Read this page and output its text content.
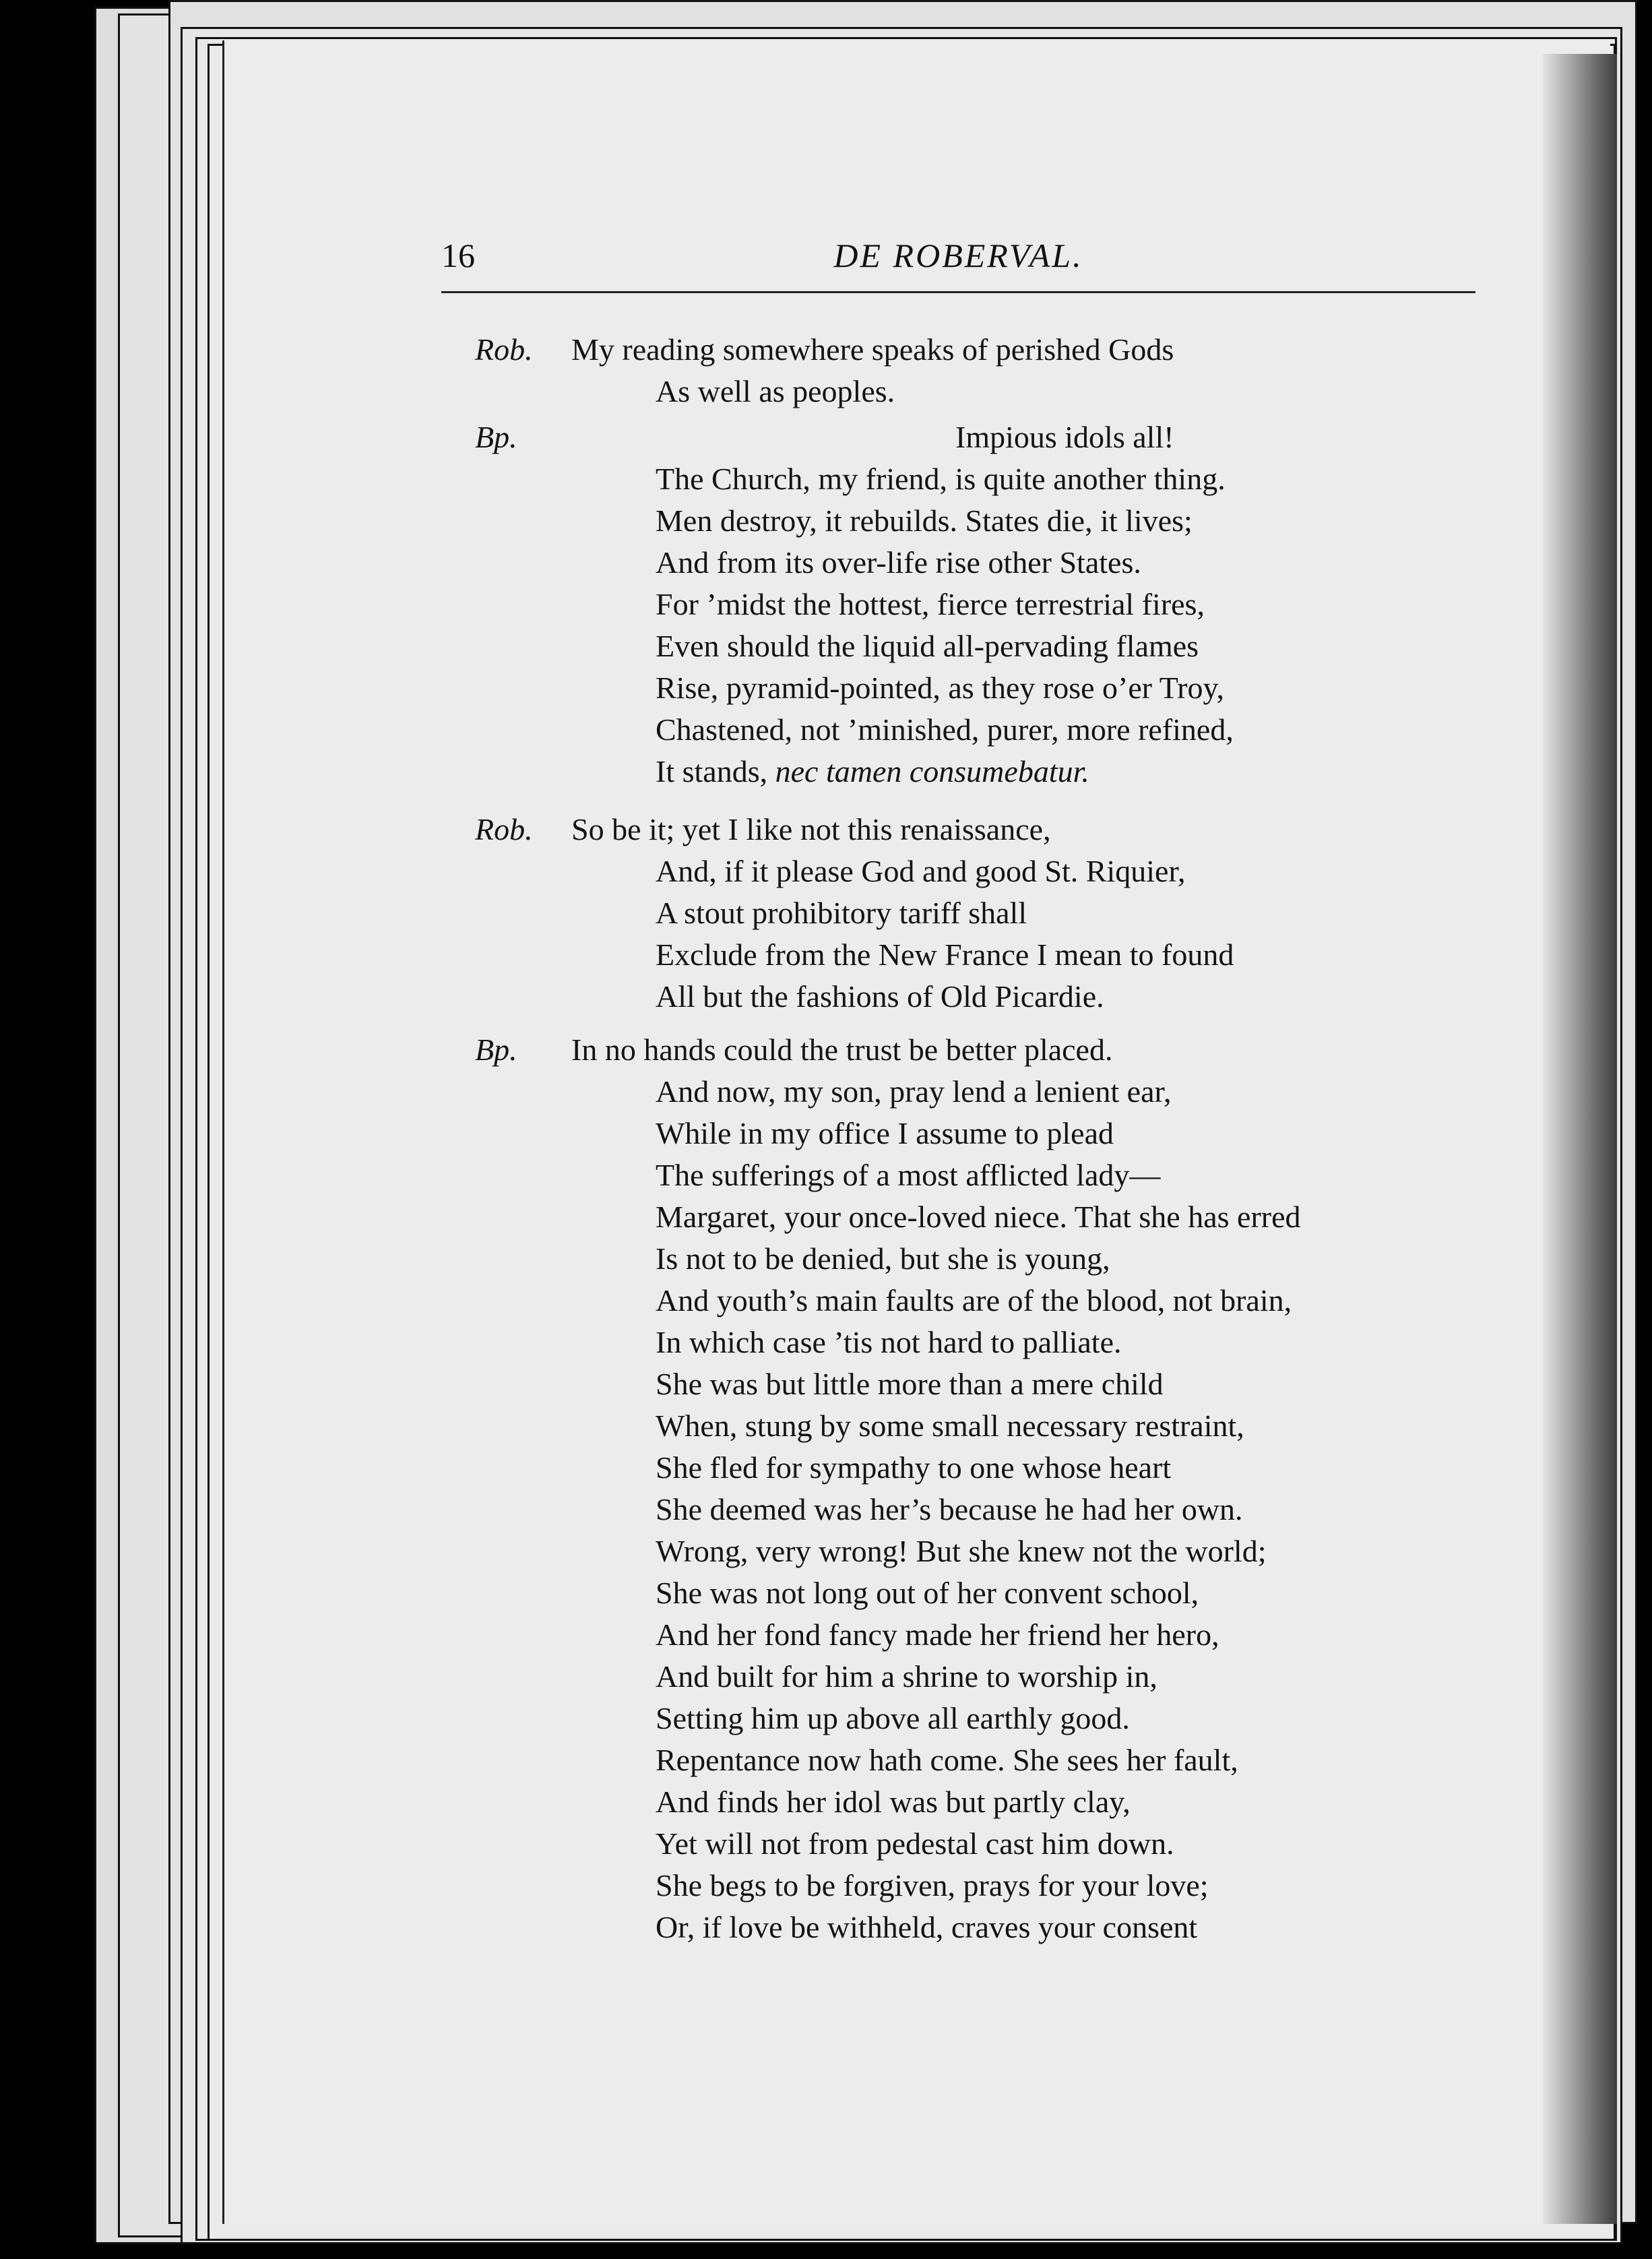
16	DE ROBERVAL.
Rob. My reading somewhere speaks of perished Gods
As well as peoples.
Bp.	Impious idols all!
The Church, my friend, is quite another thing.
Men destroy, it rebuilds. States die, it lives;
And from its over-life rise other States.
For ’midst the hottest, fierce terrestrial fires,
Even should the liquid all-pervading flames
Rise, pyramid-pointed, as they rose o’er Troy,
Chastened, not ’minished, purer, more refined,
It stands, nec tamen consumebatur.
Rob. So be it; yet I like not this renaissance,
And, if it please God and good St. Riquier,
A stout prohibitory tariff shall
Exclude from the New France I mean to found
All but the fashions of Old Picardie.
Bp. In no hands could the trust be better placed.
And now, my son, pray lend a lenient ear,
While in my office I assume to plead
The sufferings of a most afflicted lady—
Margaret, your once-loved niece. That she has erred
Is not to be denied, but she is young,
And youth’s main faults are of the blood, not brain,
In which case ’tis not hard to palliate.
She was but little more than a mere child
When, stung by some small necessary restraint,
She fled for sympathy to one whose heart
She deemed was her’s because he had her own.
Wrong, very wrong! But she knew not the world;
She was not long out of her convent school,
And her fond fancy made her friend her hero,
And built for him a shrine to worship in,
Setting him up above all earthly good.
Repentance now hath come. She sees her fault,
And finds her idol was but partly clay,
Yet will not from pedestal cast him down.
She begs to be forgiven, prays for your love;
Or, if love be withheld, craves your consent
